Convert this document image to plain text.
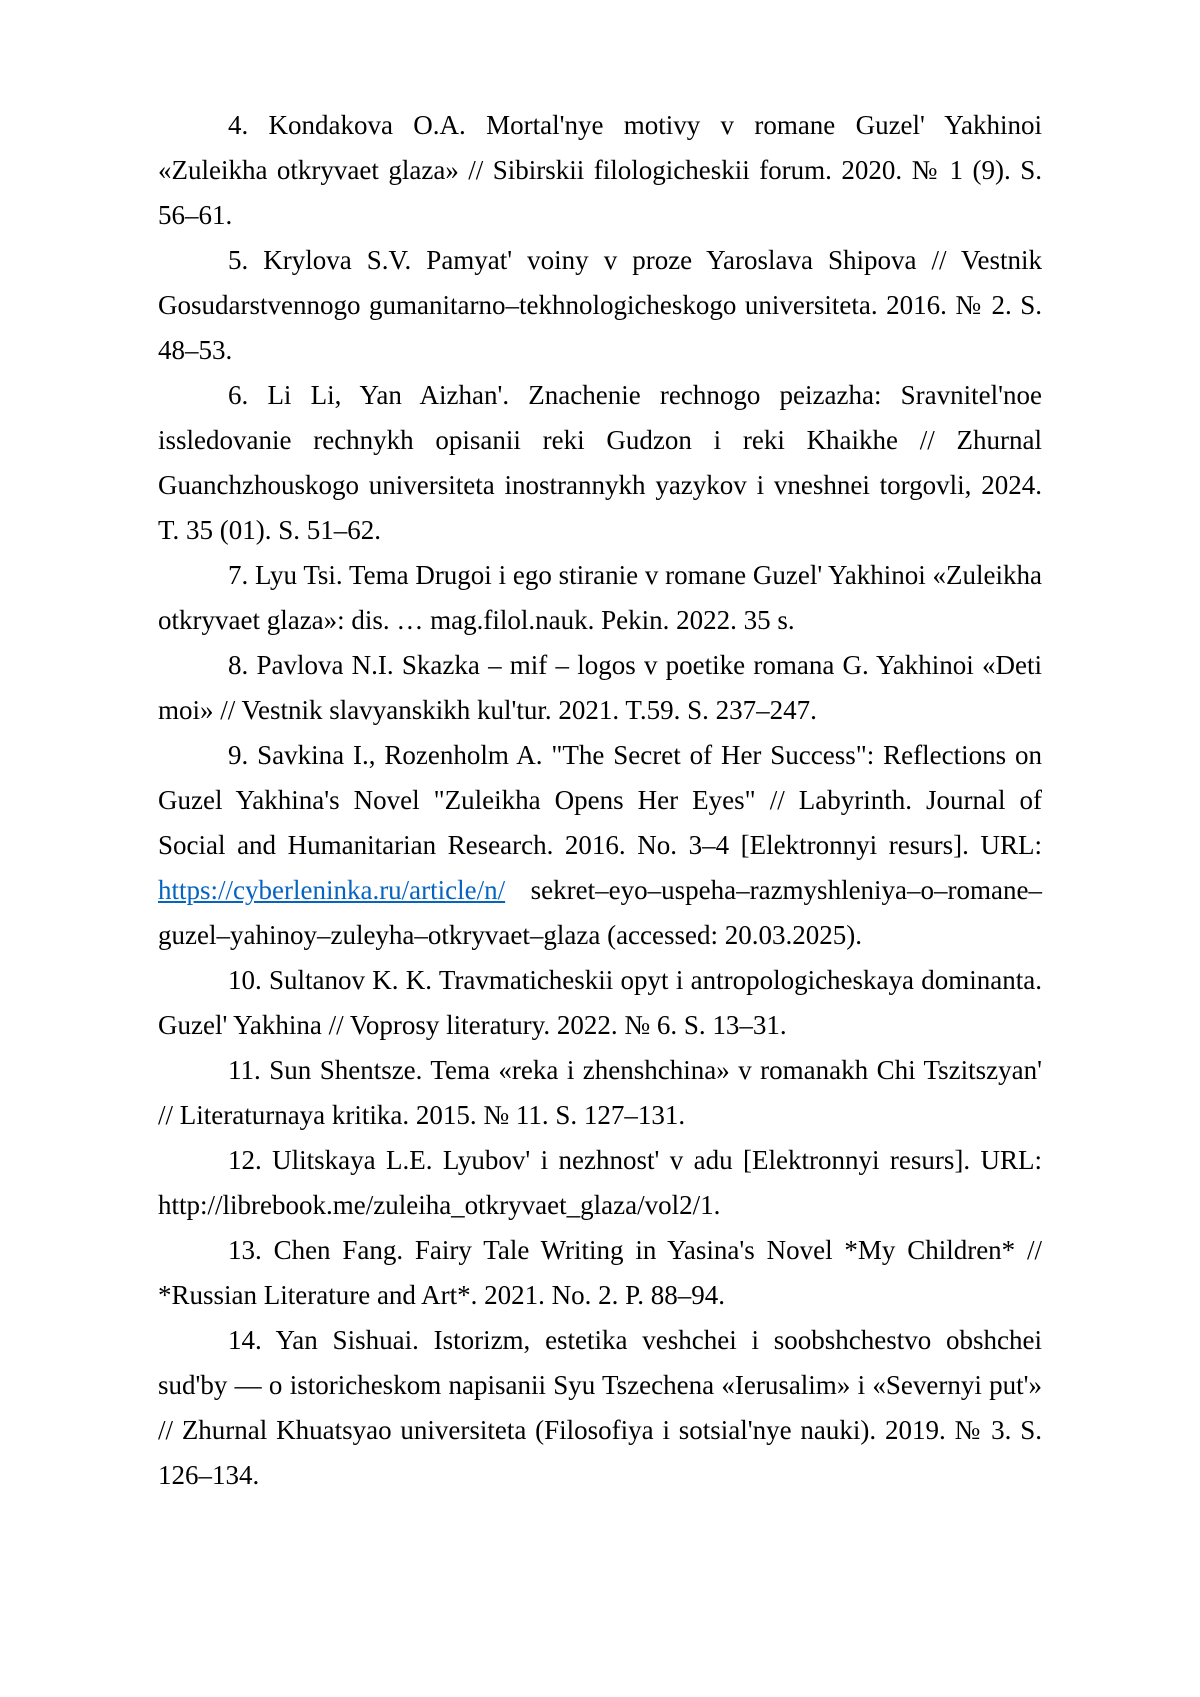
4. Kondakova O.A. Mortal'nye motivy v romane Guzel' Yakhinoi «Zuleikha otkryvaet glaza» // Sibirskii filologicheskii forum. 2020. № 1 (9). S. 56–61.

5. Krylova S.V. Pamyat' voiny v proze Yaroslava Shipova // Vestnik Gosudarstvennogo gumanitarno–tekhnologicheskogo universiteta. 2016. № 2. S. 48–53.

6. Li Li, Yan Aizhan'. Znachenie rechnogo peizazha: Sravnitel'noe issledovanie rechnykh opisanii reki Gudzon i reki Khaikhe // Zhurnal Guanchzhouskogo universiteta inostrannykh yazykov i vneshnei torgovli, 2024. T. 35 (01). S. 51–62.

7. Lyu Tsi. Tema Drugoi i ego stiranie v romane Guzel' Yakhinoi «Zuleikha otkryvaet glaza»: dis. … mag.filol.nauk. Pekin. 2022. 35 s.

8. Pavlova N.I. Skazka – mif – logos v poetike romana G. Yakhinoi «Deti moi» // Vestnik slavyanskikh kul'tur. 2021. T.59. S. 237–247.

9. Savkina I., Rozenholm A. "The Secret of Her Success": Reflections on Guzel Yakhina's Novel "Zuleikha Opens Her Eyes" // Labyrinth. Journal of Social and Humanitarian Research. 2016. No. 3–4 [Elektronnyi resurs]. URL: https://cyberleninka.ru/article/n/ sekret–eyo–uspeha–razmyshleniya–o–romane–guzel–yahinoy–zuleyha–otkryvaet–glaza (accessed: 20.03.2025).

10. Sultanov K. K. Travmaticheskii opyt i antropologicheskaya dominanta. Guzel' Yakhina // Voprosy literatury. 2022. № 6. S. 13–31.

11. Sun Shentsze. Tema «reka i zhenshchina» v romanakh Chi Tszitszyan' // Literaturnaya kritika. 2015. № 11. S. 127–131.

12. Ulitskaya L.E. Lyubov' i nezhnost' v adu [Elektronnyi resurs]. URL: http://librebook.me/zuleiha_otkryvaet_glaza/vol2/1.

13. Chen Fang. Fairy Tale Writing in Yasina's Novel *My Children* // *Russian Literature and Art*. 2021. No. 2. P. 88–94.

14. Yan Sishuai. Istorizm, estetika veshchei i soobshchestvo obshchei sud'by — o istoricheskom napisanii Syu Tszechena «Ierusalim» i «Severnyi put'» // Zhurnal Khuatsyao universiteta (Filosofiya i sotsial'nye nauki). 2019. № 3. S. 126–134.
